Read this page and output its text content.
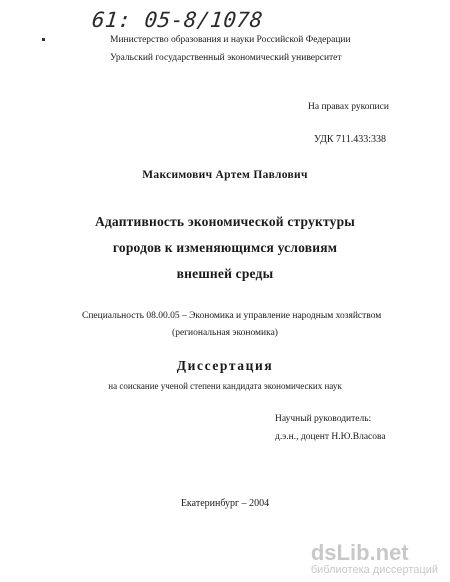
61: 05-8/1078
Министерство образования и науки Российской Федерации
Уральский государственный экономический университет
На правах рукописи
УДК 711.433:338
Максимович Артем Павлович
Адаптивность экономической структуры
городов к изменяющимся условиям
внешней среды
Специальность 08.00.05 – Экономика и управление народным хозяйством
(региональная экономика)
Диссертация
на соискание ученой степени кандидата экономических наук
Научный руководитель:
д.э.н., доцент Н.Ю.Власова
Екатеринбург – 2004
dsLib.net
библиотека диссертаций
